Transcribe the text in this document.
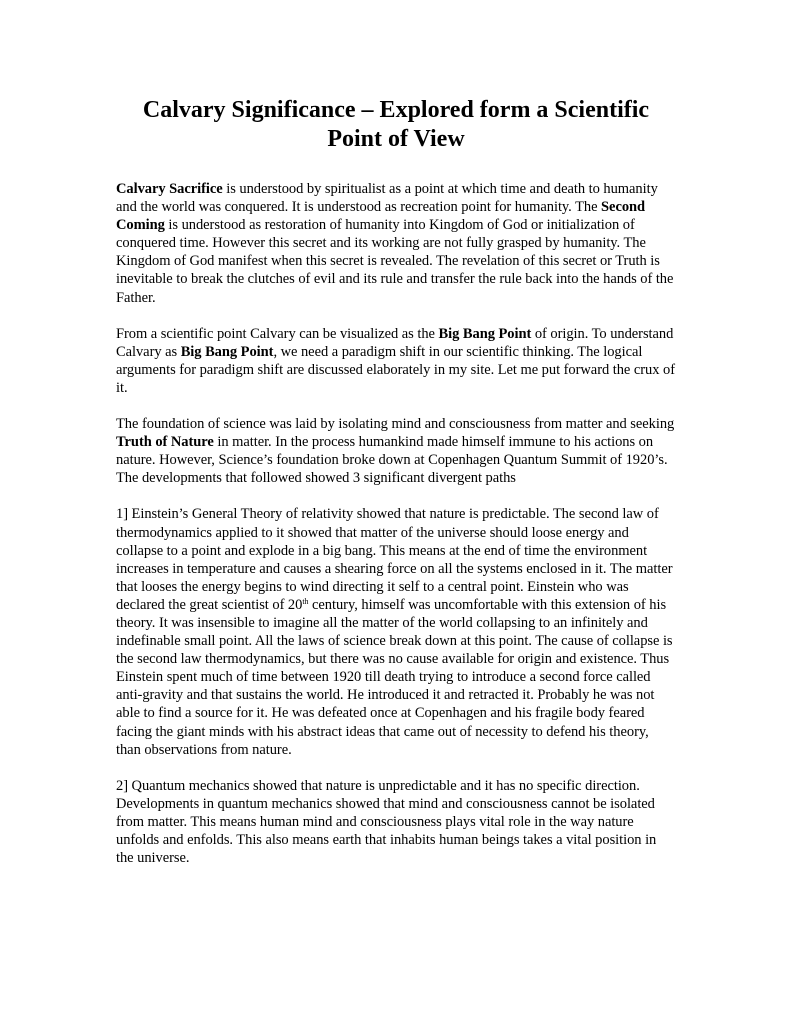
Calvary Significance – Explored form a Scientific
Point of View

Calvary Sacrifice is understood by spiritualist as a point at which time and death to humanity and the world was conquered. It is understood as recreation point for humanity. The Second Coming is understood as restoration of humanity into Kingdom of God or initialization of conquered time. However this secret and its working are not fully grasped by humanity. The Kingdom of God manifest when this secret is revealed. The revelation of this secret or Truth is inevitable to break the clutches of evil and its rule and transfer the rule back into the hands of the Father.

From a scientific point Calvary can be visualized as the Big Bang Point of origin. To understand Calvary as Big Bang Point, we need a paradigm shift in our scientific thinking. The logical arguments for paradigm shift are discussed elaborately in my site. Let me put forward the crux of it.

The foundation of science was laid by isolating mind and consciousness from matter and seeking Truth of Nature in matter. In the process humankind made himself immune to his actions on nature. However, Science’s foundation broke down at Copenhagen Quantum Summit of 1920’s. The developments that followed showed 3 significant divergent paths

1] Einstein’s General Theory of relativity showed that nature is predictable. The second law of thermodynamics applied to it showed that matter of the universe should loose energy and collapse to a point and explode in a big bang. This means at the end of time the environment increases in temperature and causes a shearing force on all the systems enclosed in it. The matter that looses the energy begins to wind directing it self to a central point. Einstein who was declared the great scientist of 20th century, himself was uncomfortable with this extension of his theory. It was insensible to imagine all the matter of the world collapsing to an infinitely and indefinable small point. All the laws of science break down at this point. The cause of collapse is the second law thermodynamics, but there was no cause available for origin and existence. Thus Einstein spent much of time between 1920 till death trying to introduce a second force called anti-gravity and that sustains the world. He introduced it and retracted it. Probably he was not able to find a source for it. He was defeated once at Copenhagen and his fragile body feared facing the giant minds with his abstract ideas that came out of necessity to defend his theory, than observations from nature.

2] Quantum mechanics showed that nature is unpredictable and it has no specific direction. Developments in quantum mechanics showed that mind and consciousness cannot be isolated from matter. This means human mind and consciousness plays vital role in the way nature unfolds and enfolds. This also means earth that inhabits human beings takes a vital position in the universe.
